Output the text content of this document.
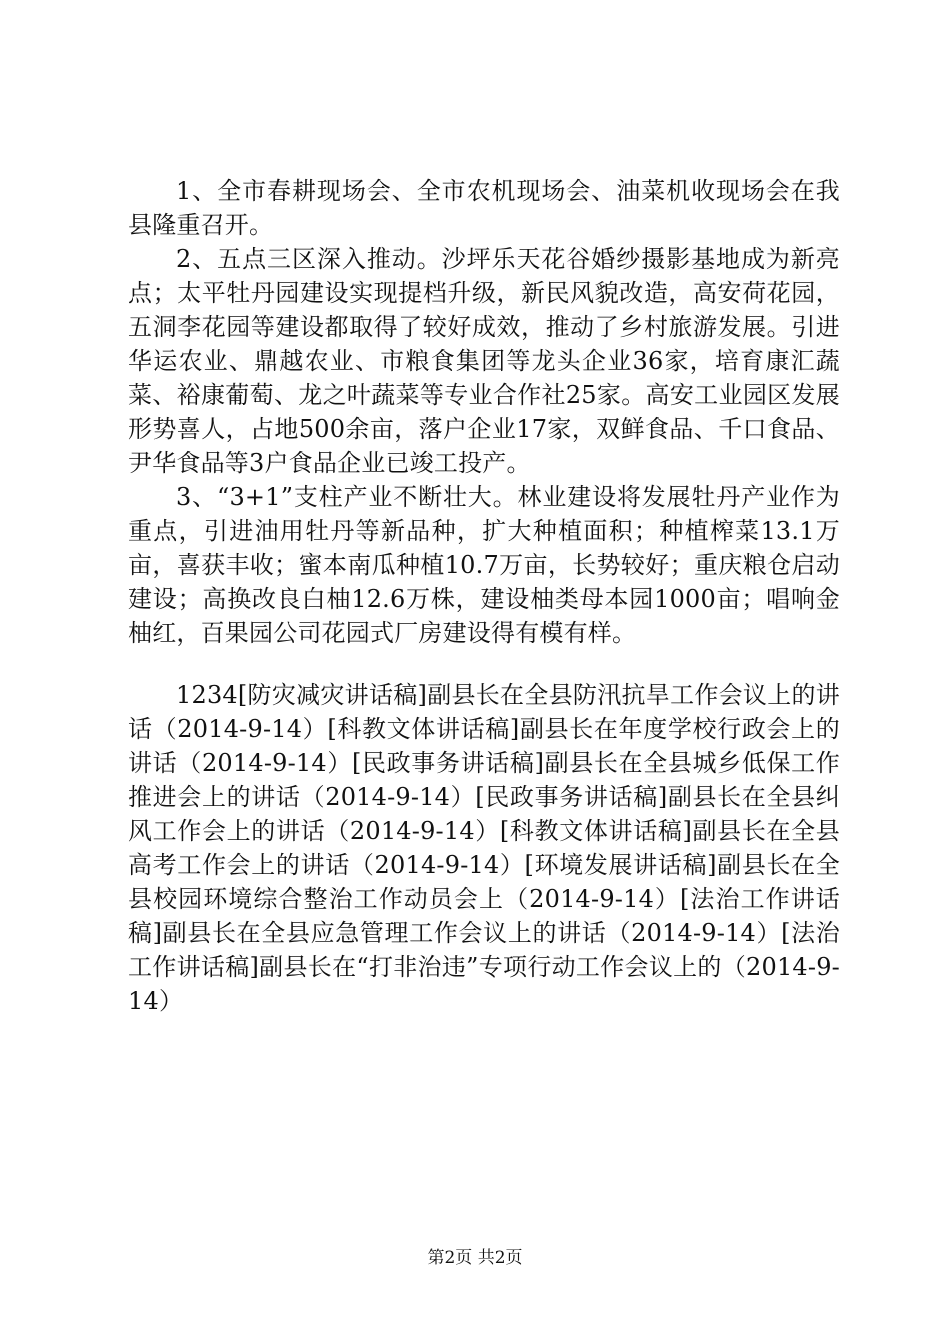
1、全市春耕现场会、全市农机现场会、油菜机收现场会在我县隆重召开。

2、五点三区深入推动。沙坪乐天花谷婚纱摄影基地成为新亮点；太平牡丹园建设实现提档升级，新民风貌改造，高安荷花园，五洞李花园等建设都取得了较好成效，推动了乡村旅游发展。引进华运农业、鼎越农业、市粮食集团等龙头企业36家，培育康汇蔬菜、裕康葡萄、龙之叶蔬菜等专业合作社25家。高安工业园区发展形势喜人，占地500余亩，落户企业17家，双鲜食品、千口食品、尹华食品等3户食品企业已竣工投产。

3、“3+1”支柱产业不断壮大。林业建设将发展牡丹产业作为重点，引进油用牡丹等新品种，扩大种植面积；种植榨菜13.1万亩，喜获丰收；蜜本南瓜种植10.7万亩，长势较好；重庆粮仓启动建设；高换改良白柚12.6万株，建设柚类母本园1000亩；唱响金柚红，百果园公司花园式厂房建设得有模有样。

1234[防灾减灾讲话稿]副县长在全县防汛抗旱工作会议上的讲话（2014-9-14）[科教文体讲话稿]副县长在年度学校行政会上的讲话（2014-9-14）[民政事务讲话稿]副县长在全县城乡低保工作推进会上的讲话（2014-9-14）[民政事务讲话稿]副县长在全县纠风工作会上的讲话（2014-9-14）[科教文体讲话稿]副县长在全县高考工作会上的讲话（2014-9-14）[环境发展讲话稿]副县长在全县校园环境综合整治工作动员会上（2014-9-14）[法治工作讲话稿]副县长在全县应急管理工作会议上的讲话（2014-9-14）[法治工作讲话稿]副县长在“打非治违”专项行动工作会议上的（2014-9-14）

第2页 共2页
